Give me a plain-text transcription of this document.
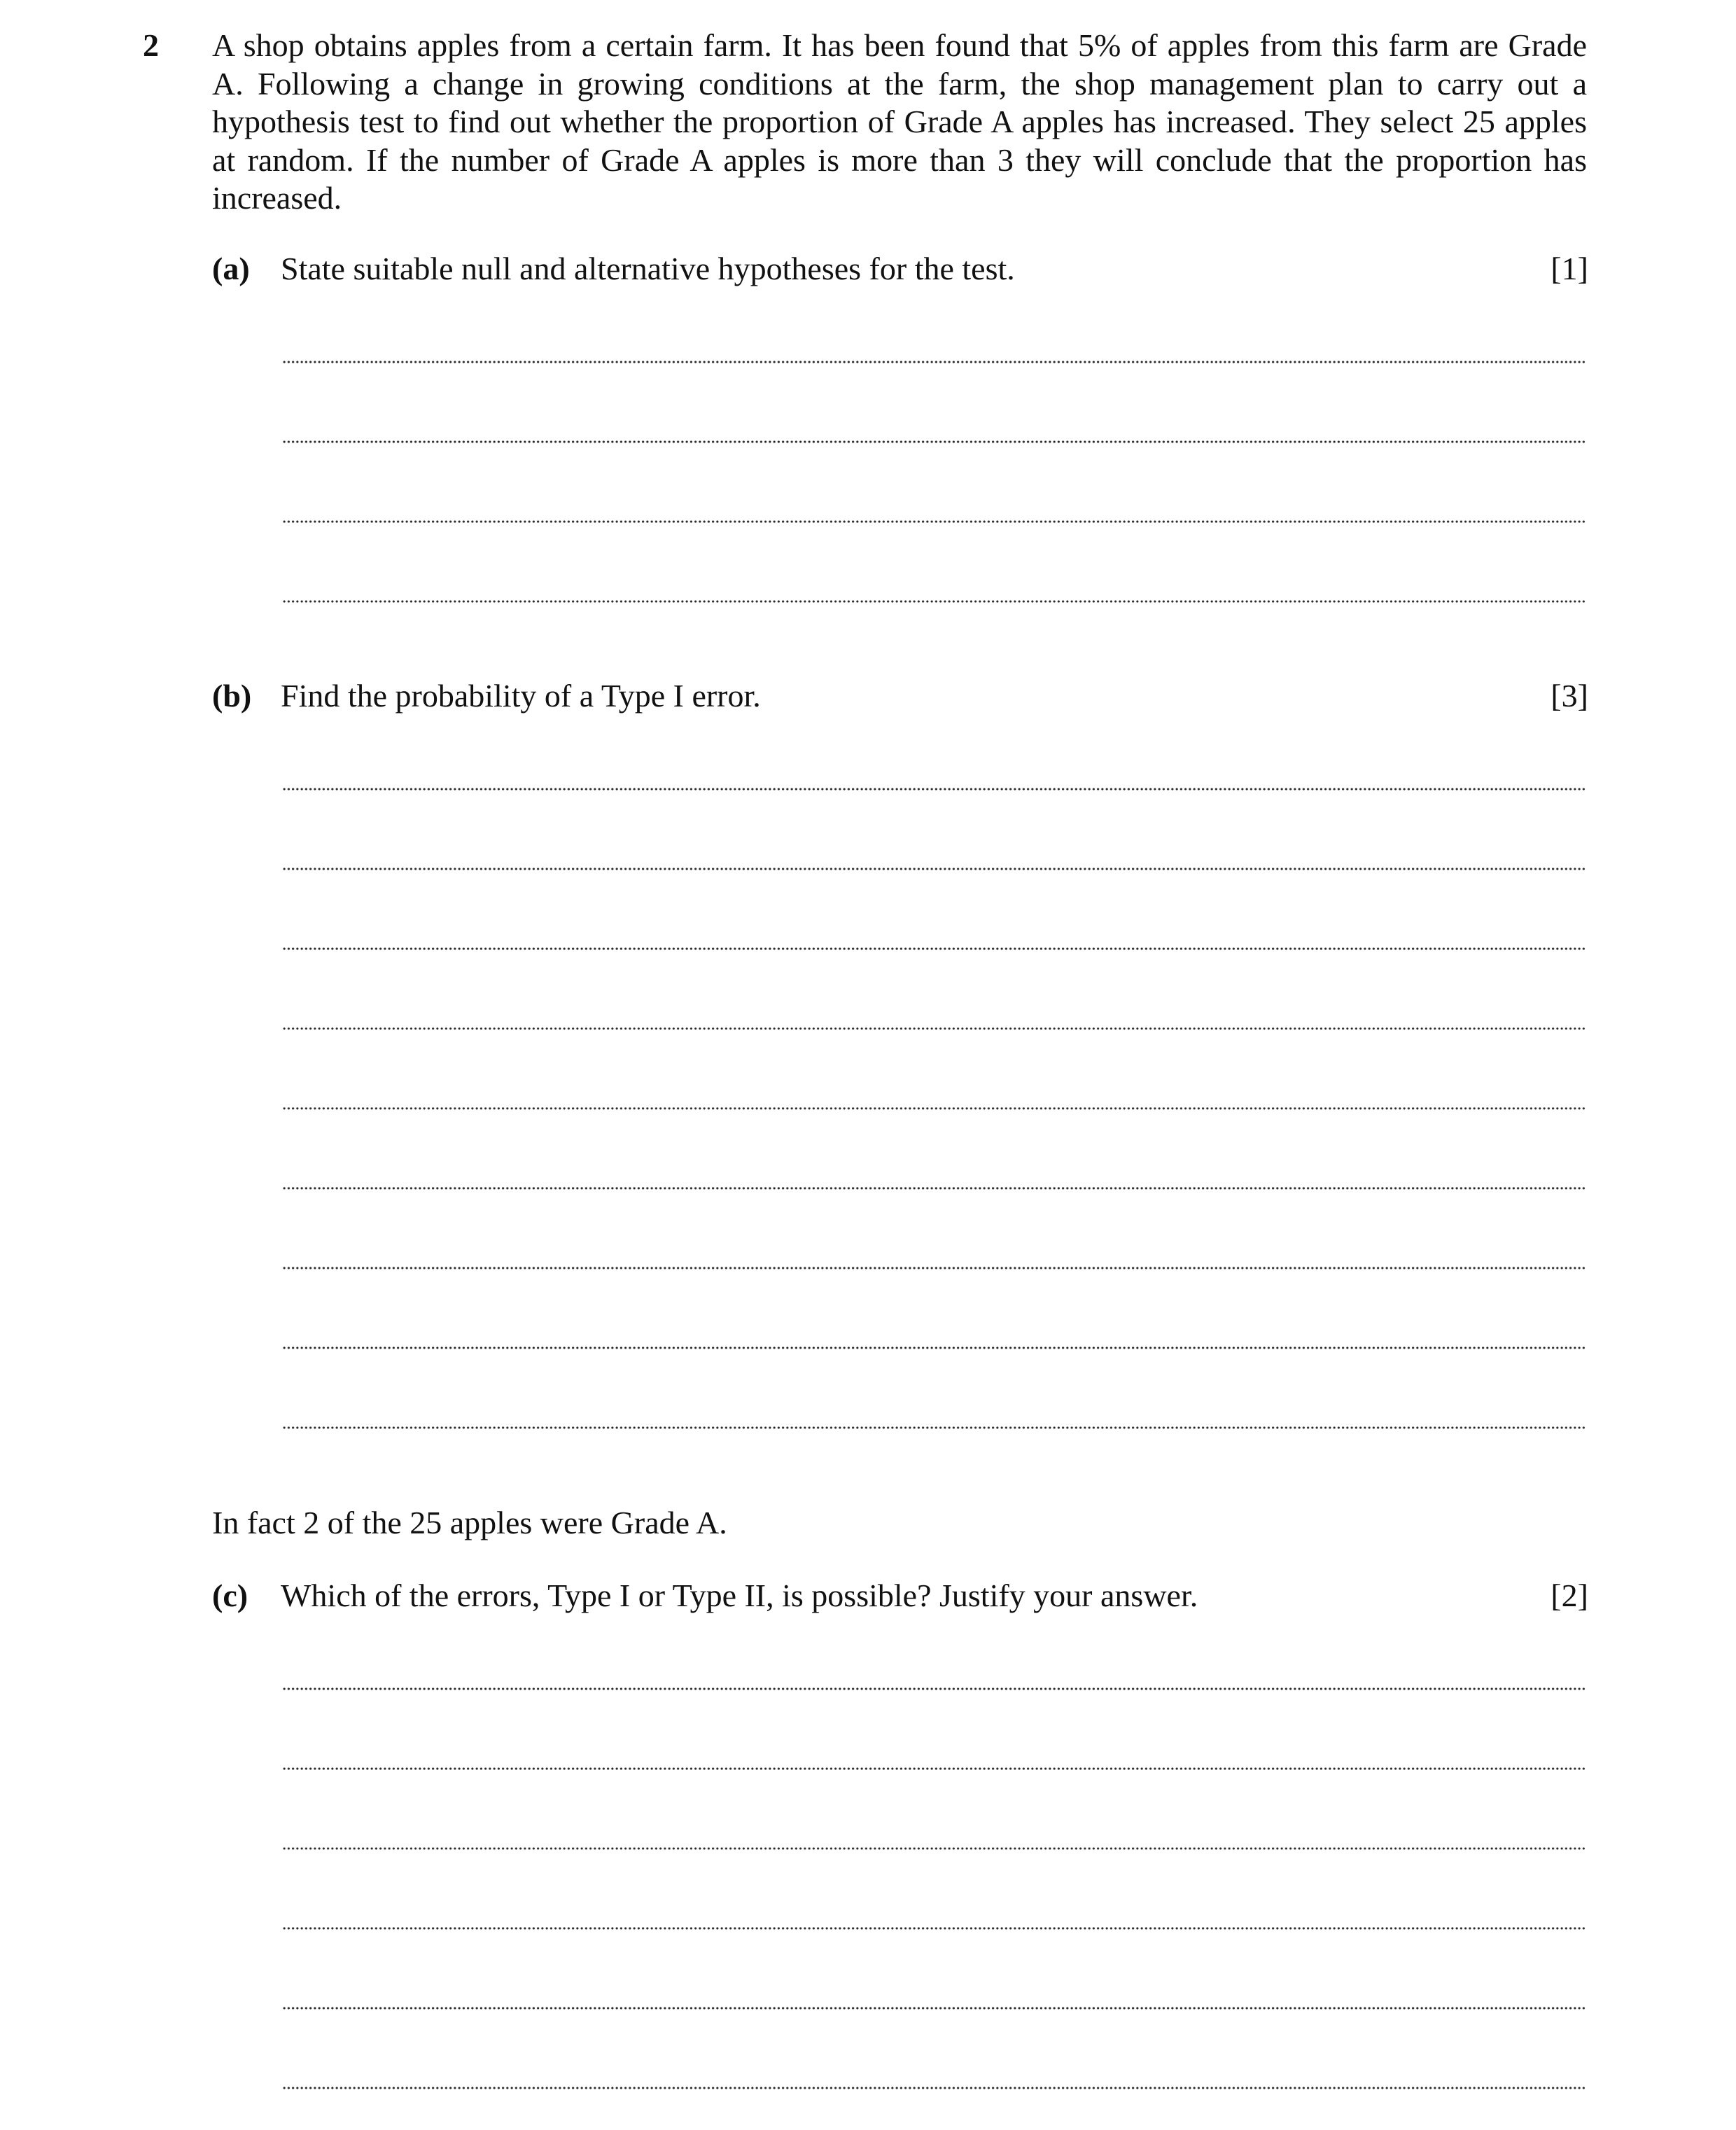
2 A shop obtains apples from a certain farm. It has been found that 5% of apples from this farm are Grade A. Following a change in growing conditions at the farm, the shop management plan to carry out a hypothesis test to find out whether the proportion of Grade A apples has increased. They select 25 apples at random. If the number of Grade A apples is more than 3 they will conclude that the proportion has increased.
(a) State suitable null and alternative hypotheses for the test.	[1]
(b) Find the probability of a Type I error.	[3]
In fact 2 of the 25 apples were Grade A.
(c) Which of the errors, Type I or Type II, is possible? Justify your answer.	[2]
